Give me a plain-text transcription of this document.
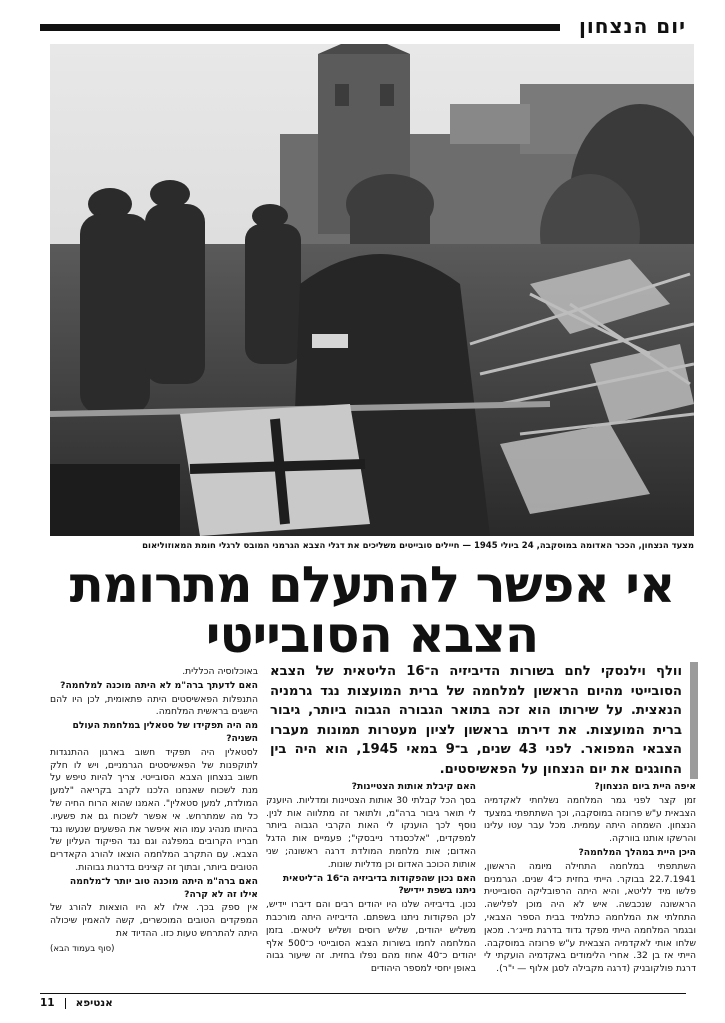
יום הנצחון
מצעד הנצחון, הככר האדומה במוסקבה, 24 ביולי 1945 — חיילים סובייטים משליכים את דגלי הצבא הגרמני המובס לרגלי חומת המאוזוליאום
אי אפשר להתעלם מתרומת
הצבא הסובייטי
וולף וילנסקי לחם בשורות הדיביזיה ה־16 הליטאית של הצבא הסובייטי מהיום הראשון למלחמה של ברית המועצות נגד גרמניה הנאצית. על שירותו הוא זכה בתואר הגבורה הגבוה ביותר, גיבור ברית המועצות. את דירתו בראשון לציון מעטרות תמונות מעברו הצבאי המפואר. לפני 43 שנים, ב־9 במאי 1945, הוא היה בין החוגגים את יום הנצחון על הפאשיסטים.

איפה היית ביום הנצחון?

זמן קצר לפני גמר המלחמה נשלחתי לאקדמיה הצבאית ע"ש פרונזה במוסקבה, וכך השתתפתי במצעד הנצחון. השמחה היתה עממית. מכל עבר עטו עלינו והרשקו אותנו בוורקה.

היכן היית במהלך המלחמה?

השתתפתי במלחמה התחילה מיומה הראשון, 22.7.1941 בבוקר. הייתי בחזית כ־4 שנים. הגרמנים פלשו מיד לליטא, והיא היתה הרפובליקה הסובייטית הראשונה שנכבשה. איש לא היה מוכן לפלישה. התחלתי את המלחמה כתלמיד בבית הספר הצבאי, ובגמר המלחמה הייתי מפקד גדוד בדרגת מייג׳ר. מכאן שלחו אותי לאקדמיה הצבאית ע"ש פרונזה במוסקבה. הייתי אז בן 32. אחרי הלימודים באקדמיה הועקתי לי דרגת פולקובניק (דרגה מקבילה לסגן אלוף — י"ר).

האם קיבלת אותות הצטיינות?

בסך הכל קבלתי 30 אותות הצטיינות ומדליות. היוענק לי תואר גיבור ברה"מ, ולתואר זה מתלווה אות לנין. נוסף לכך הוענקו לי האות הקרבי הגבוה ביותר למפקדים, "אלכסנדר נייבסקי"; פעמיים אות הדגל האדום; אות מלחמת המולדת דרגה ראשונה; שני אותות הכוכב האדום וכן מדליות שונות.

האם נכון שהפקודות בדיביזיה ה־16 ה־ליטאית ניתנו בשפת יידיש?

נכון. בדיביזיה שלנו היו יהודים רבים והם דיברו יידיש, לכן הפקודות ניתנו בשפתם. הדיביזיה היתה מורכבת משליש יהודים, שליש רוסים ושליש ליטאים. בזמן המלחמה לחמו בשורות הצבא הסובייטי כ־500 אלף יהודים כ־40 אחוז מהם נפלו בחזית. זה שיעור גבוה באופן יחסי למספר היהודים

באוכלוסיה הכללית.

האם לדעתך ברה"מ לא היתה מוכנה למלחמה?

התנפלות הפאשיסטים היתה פתאומית, לכן היו להם הישגים בראשית המלחמה.

מה היה תפקידו של סטאלין במלחמת העולם השניה?

לסטאלין היה תפקיד חשוב בארגון ההתנגדות לתוקפנות של הפאשיסטים הגרמניים, ויש לו חלק חשוב בנצחון הצבא הסובייטי. צריך להיות טיפש על מנת לשכוח שאנחנו הלכנו לקרב בקריאה "למען המולדת, למען סטאלין". האמנו שהוא הרוח החיה של כל מה שמתרחש. אי אפשר לשכוח גם את פשעיו. בהיותו מנהיג עמו הוא איפשר את הפשעים שנעשו נגד חבריו הקרובים במפלגה וגם נגד הפיקוד העליון של הצבא. עם התקרב המלחמה הוצאו להורג הקאדרים הטובים ביותר, ובתוך זה קצינים בדרגות גבוהות.

האם ברה"מ היתה מוכנה טוב יותר ל־מלחמה אילו זה לא קרה?

אין ספק בכך. אילו לא היו הוצאות להורג של המפקדים הטובים המוכשרים, קשה להאמין שיכולה היתה להתרחש טעות כזו. ההדיוד את

(סוף בעמוד הבא)

11 אנטיפא
